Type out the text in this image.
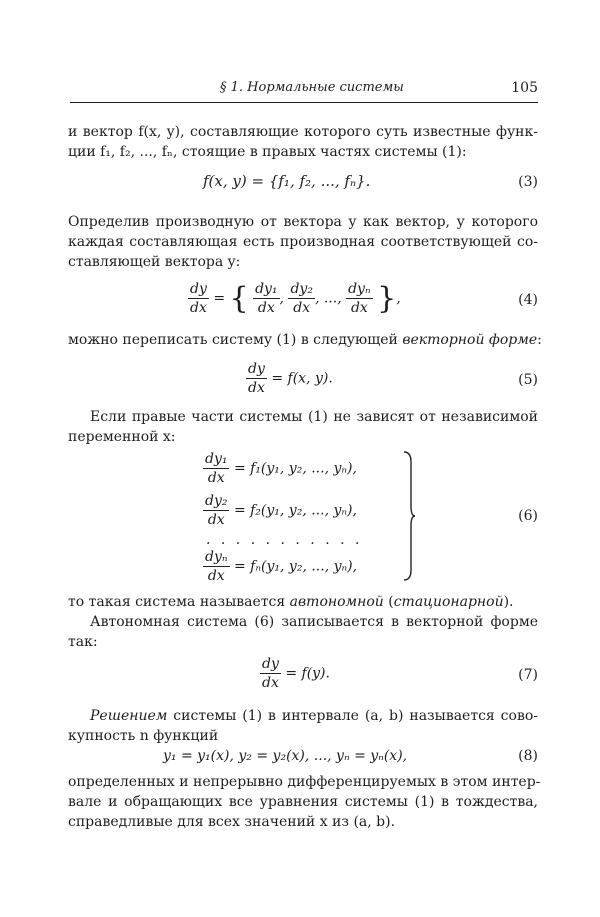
§ 1. Нормальные системы	105
и вектор f(x, y), составляющие которого суть известные функ-
ции f₁, f₂, ..., fₙ, стоящие в правых частях системы (1):
f(x, y) = {f₁, f₂, ..., fₙ}.	(3)
Определив производную от вектора y как вектор, у которого
каждая составляющая есть производная соответствующей со-
ставляющей вектора y:
$\frac{dy}{dx}$ = { $\frac{\text{dy₁}}{dx}$ , $\frac{\text{dy₂}}{dx}$ , ..., $\frac{\text{dyₙ}}{dx}$ },	(4)
можно переписать систему (1) в следующей векторной форме:
$\frac{dy}{dx} = f(x$, y).	(5)
Если правые части системы (1) не зависят от независимой
переменной x:
$\frac{\text{dy₁}}{dx} = f_1(y_1$, y₂, ..., yₙ),
$\frac{\text{dy₂}}{dx} = f_2(y_1$, y₂, ..., yₙ),
. . . . . . . . . . .
$\frac{\text{dyₙ}}{dx} = f_n(y_1$, y₂, ..., yₙ),
(6)
то такая система называется автономной (стационарной).
Автономная система (6) записывается в векторной форме
так:
$\frac{dy}{dx} = f(y)$.	(7)
Решением системы (1) в интервале (a, b) называется сово-
купность n функций
y₁ = y₁(x), y₂ = y₂(x), ..., yₙ = yₙ(x),	(8)
определенных и непрерывно дифференцируемых в этом интер-
вале и обращающих все уравнения системы (1) в тождества,
справедливые для всех значений x из (a, b).
